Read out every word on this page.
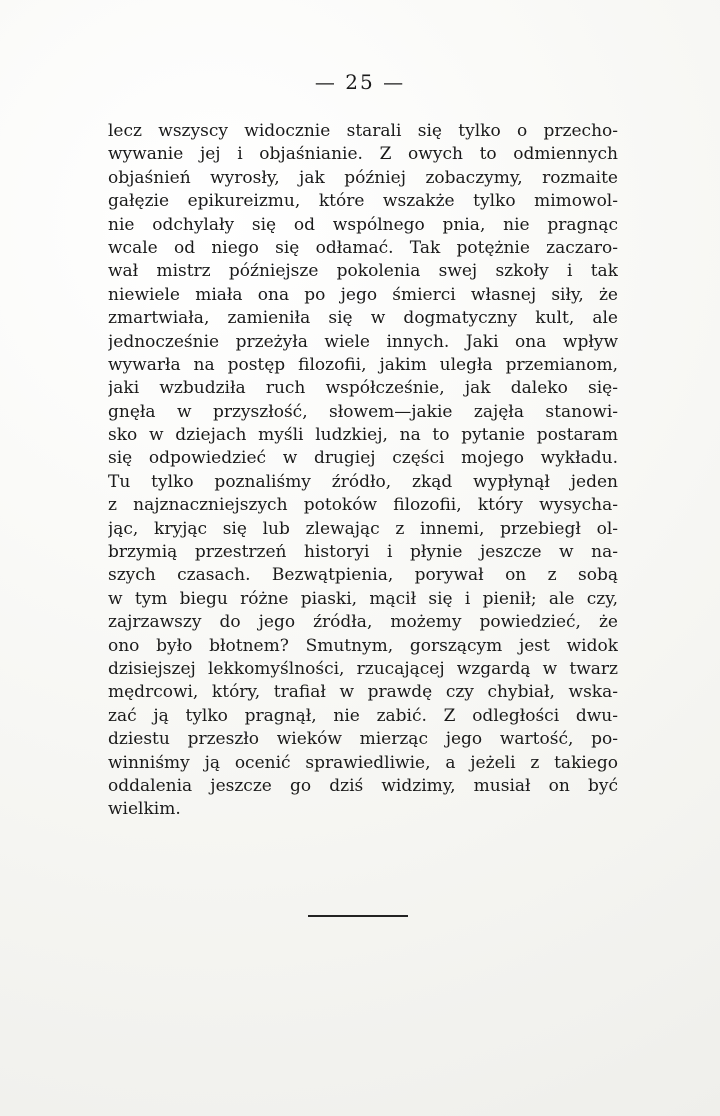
— 25 —
lecz wszyscy widocznie starali się tylko o przecho-
wywanie jej i objaśnianie. Z owych to odmiennych
objaśnień wyrosły, jak później zobaczymy, rozmaite
gałęzie epikureizmu, które wszakże tylko mimowol-
nie odchylały się od wspólnego pnia, nie pragnąc
wcale od niego się odłamać. Tak potężnie zaczaro-
wał mistrz późniejsze pokolenia swej szkoły i tak
niewiele miała ona po jego śmierci własnej siły, że
zmartwiała, zamieniła się w dogmatyczny kult, ale
jednocześnie przeżyła wiele innych. Jaki ona wpływ
wywarła na postęp filozofii, jakim uległa przemianom,
jaki wzbudziła ruch współcześnie, jak daleko się-
gnęła w przyszłość, słowem—jakie zajęła stanowi-
sko w dziejach myśli ludzkiej, na to pytanie postaram
się odpowiedzieć w drugiej części mojego wykładu.
Tu tylko poznaliśmy źródło, zkąd wypłynął jeden
z najznaczniejszych potoków filozofii, który wysycha-
jąc, kryjąc się lub zlewając z innemi, przebiegł ol-
brzymią przestrzeń historyi i płynie jeszcze w na-
szych czasach. Bezwątpienia, porywał on z sobą
w tym biegu różne piaski, mącił się i pienił; ale czy,
zajrzawszy do jego źródła, możemy powiedzieć, że
ono było błotnem? Smutnym, gorszącym jest widok
dzisiejszej lekkomyślności, rzucającej wzgardą w twarz
mędrcowi, który, trafiał w prawdę czy chybiał, wska-
zać ją tylko pragnął, nie zabić. Z odległości dwu-
dziestu przeszło wieków mierząc jego wartość, po-
winniśmy ją ocenić sprawiedliwie, a jeżeli z takiego
oddalenia jeszcze go dziś widzimy, musiał on być
wielkim.
